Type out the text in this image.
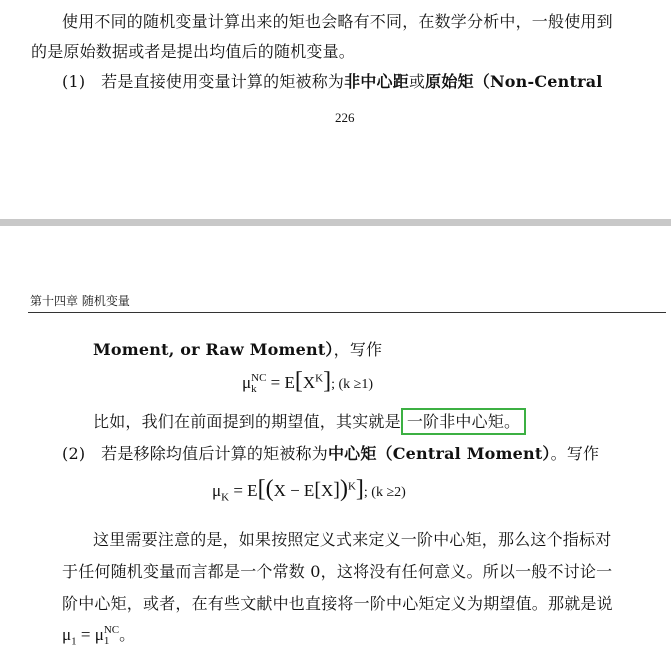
使用不同的随机变量计算出来的矩也会略有不同，在数学分析中，一般使用到
的是原始数据或者是提出均值后的随机变量。
(1) 若是直接使用变量计算的矩被称为非中心距或原始矩（Non-Central
226
第十四章 随机变量
Moment, or Raw Moment），写作
μ NC
$k = E[X^K]$; (k ≥1)
比如，我们在前面提到的期望值，其实就是 一阶非中心矩。
(2) 若是移除均值后计算的矩被称为中心矩（Central Moment）。写作
$\mu_K = E[(X - E[X])^K]$; (k ≥2)
这里需要注意的是，如果按照定义式来定义一阶中心矩，那么这个指标对
于任何随机变量而言都是一个常数 0，这将没有任何意义。所以一般不讨论一
阶中心矩，或者，在有些文献中也直接将一阶中心矩定义为期望值。那就是说
$\mu_1 = \mu$ NC
1 。
